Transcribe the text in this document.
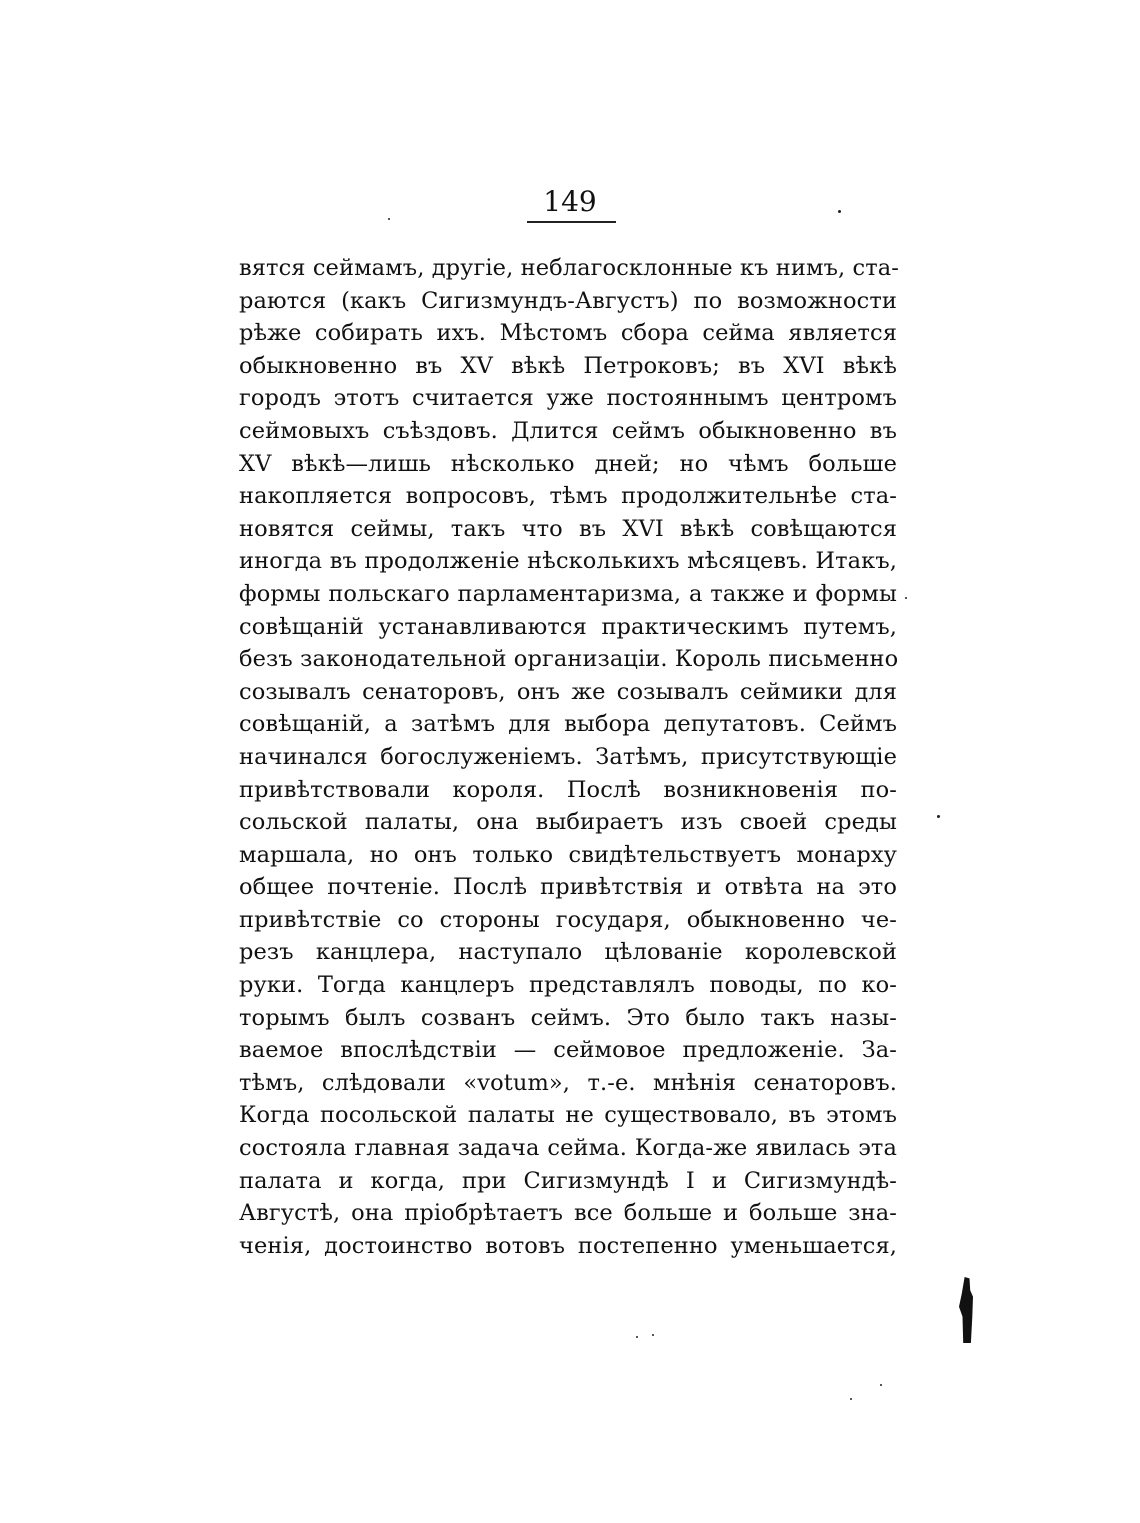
149
вятся сеймамъ, другіе, неблагосклонные къ нимъ, ста-
раются (какъ Сигизмундъ-Августъ) по возможности
рѣже собирать ихъ. Мѣстомъ сбора сейма является
обыкновенно въ XV вѣкѣ Петроковъ; въ XVI вѣкѣ
городъ этотъ считается уже постояннымъ центромъ
сеймовыхъ съѣздовъ. Длится сеймъ обыкновенно въ
XV вѣкѣ—лишь нѣсколько дней; но чѣмъ больше
накопляется вопросовъ, тѣмъ продолжительнѣе ста-
новятся сеймы, такъ что въ XVI вѣкѣ совѣщаются
иногда въ продолженіе нѣсколькихъ мѣсяцевъ. Итакъ,
формы польскаго парламентаризма, а также и формы
совѣщаній устанавливаются практическимъ путемъ,
безъ законодательной организаціи. Король письменно
созывалъ сенаторовъ, онъ же созывалъ сеймики для
совѣщаній, а затѣмъ для выбора депутатовъ. Сеймъ
начинался богослуженіемъ. Затѣмъ, присутствующіе
привѣтствовали короля. Послѣ возникновенія по-
сольской палаты, она выбираетъ изъ своей среды
маршала, но онъ только свидѣтельствуетъ монарху
общее почтеніе. Послѣ привѣтствія и отвѣта на это
привѣтствіе со стороны государя, обыкновенно че-
резъ канцлера, наступало цѣлованіе королевской
руки. Тогда канцлеръ представлялъ поводы, по ко-
торымъ былъ созванъ сеймъ. Это было такъ назы-
ваемое впослѣдствіи — сеймовое предложеніе. За-
тѣмъ, слѣдовали «votum», т.-е. мнѣнія сенаторовъ.
Когда посольской палаты не существовало, въ этомъ
состояла главная задача сейма. Когда-же явилась эта
палата и когда, при Сигизмундѣ I и Сигизмундѣ-
Августѣ, она пріобрѣтаетъ все больше и больше зна-
ченія, достоинство вотовъ постепенно уменьшается,
